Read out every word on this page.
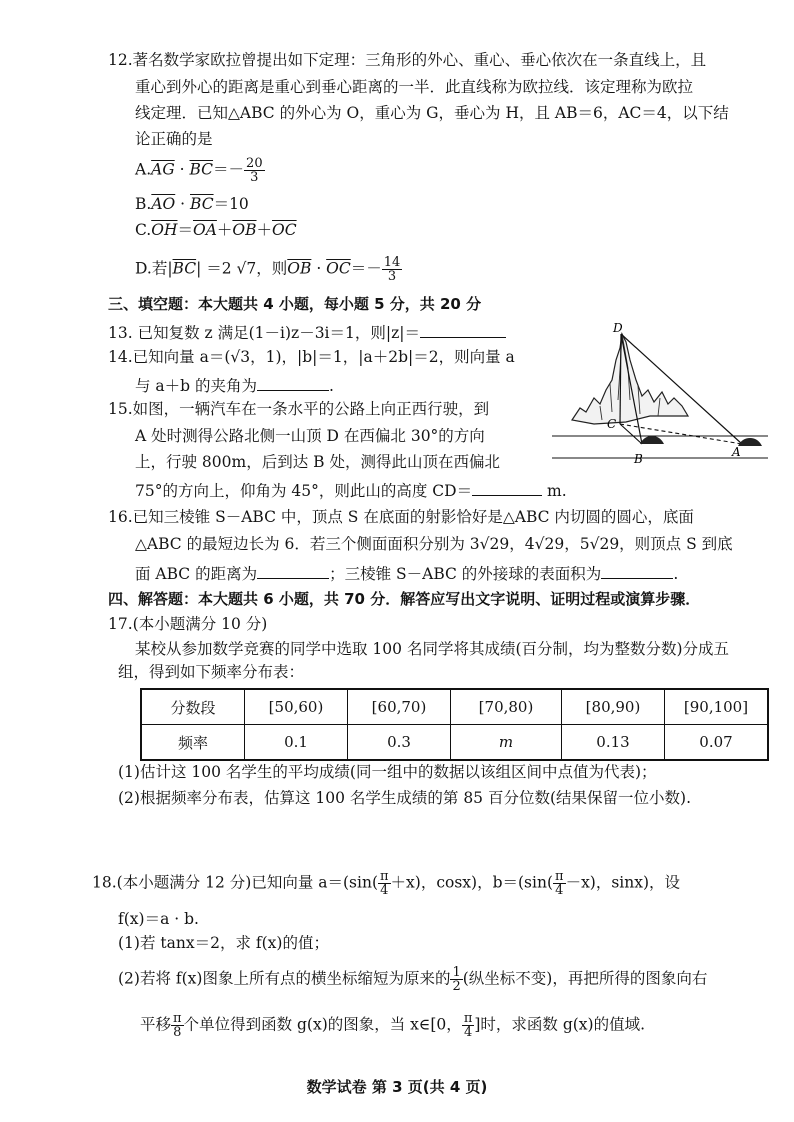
12.著名数学家欧拉曾提出如下定理：三角形的外心、重心、垂心依次在一条直线上，且
重心到外心的距离是重心到垂心距离的一半．此直线称为欧拉线．该定理称为欧拉
线定理．已知△ABC 的外心为 O，重心为 G，垂心为 H，且 AB＝6，AC＝4，以下结
论正确的是
$A.\overline{AG} \cdot \overline{BC}=- \frac{20}{3}$
$B.\overline{AO} \cdot \overline{BC}=10$
$C.\overline{OH}=\overline{OA}+\overline{OB}+\overline{OC}$
D.若$|\overline{BC}| =2$ √7，则$\overline{OB} \cdot \overline{OC}=- \frac{14}{3}$
三、填空题：本大题共 4 小题，每小题 5 分，共 20 分
13. 已知复数 z 满足(1－i)z－3i＝1，则|z|＝
14.已知向量 a＝(√3，1)，|b|＝1，|a＋2b|＝2，则向量 a
与 a＋b 的夹角为	.
15.如图，一辆汽车在一条水平的公路上向正西行驶，到
A 处时测得公路北侧一山顶 D 在西偏北 30°的方向
上，行驶 800m，后到达 B 处，测得此山顶在西偏北
75°的方向上，仰角为 45°，则此山的高度 CD＝	m.
D
C
B	A
16.已知三棱锥 S－ABC 中，顶点 S 在底面的射影恰好是△ABC 内切圆的圆心，底面
△ABC 的最短边长为 6．若三个侧面面积分别为 3√29，4√29，5√29，则顶点 S 到底
面 ABC 的距离为	；三棱锥 S－ABC 的外接球的表面积为	.
四、解答题：本大题共 6 小题，共 70 分．解答应写出文字说明、证明过程或演算步骤．
17.(本小题满分 10 分)
某校从参加数学竞赛的同学中选取 100 名同学将其成绩(百分制，均为整数分数)分成五
组，得到如下频率分布表：
分数段	[50,60)	[60,70)	[70,80)	[80,90)	[90,100]
频率	0.1	0.3	m	0.13	0.07
(1)估计这 100 名学生的平均成绩(同一组中的数据以该组区间中点值为代表)；
(2)根据频率分布表，估算这 100 名学生成绩的第 85 百分位数(结果保留一位小数).
18.(本小题满分 12 分)已知向量 $a=(\sin( \frac{\pi}{4} +x)$，cosx)，$b=(\sin( \frac{\pi}{4} -x)$，sinx)，设
f(x)＝a · b.
(1)若 tanx＝2，求 f(x)的值；
(2)若将 f(x)图象上所有点的横坐标缩短为原来的 $\frac{1}{2}$ (纵坐标不变)，再把所得的图象向右
平移 $\frac{\pi}{8}$ 个单位得到函数 g(x)的图象，当 x∈[0， $\frac{\pi}{4}$ ]时，求函数 g(x)的值域.
数学试卷 第 3 页(共 4 页)
